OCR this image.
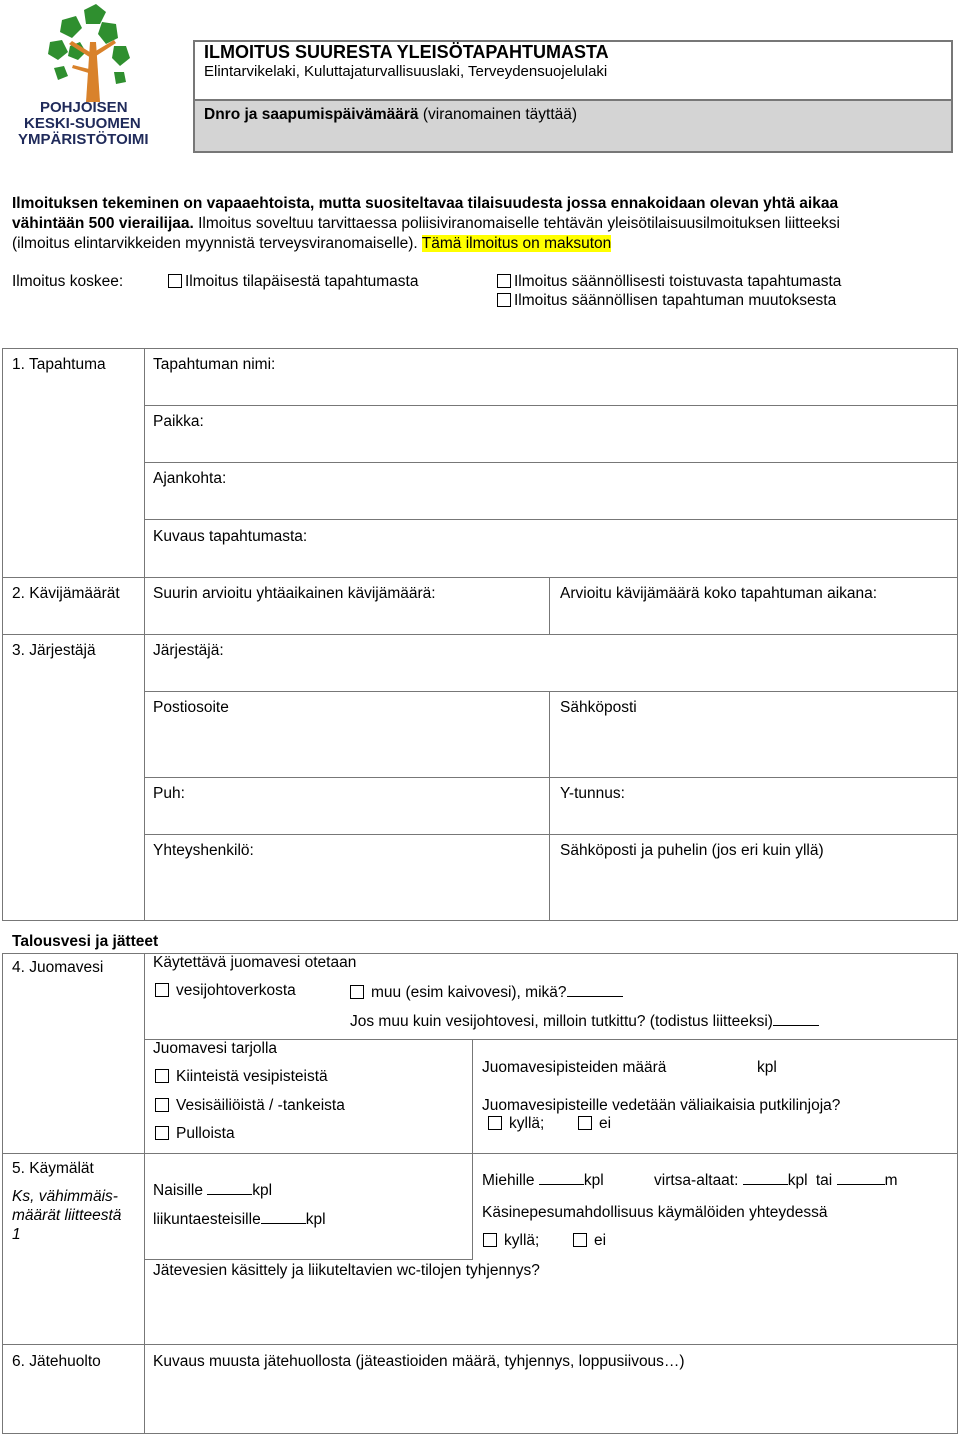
POHJOISEN
KESKI-SUOMEN
YMPÄRISTÖTOIMI
ILMOITUS SUURESTA YLEISÖTAPAHTUMASTA
Elintarvikelaki, Kuluttajaturvallisuuslaki, Terveydensuojelulaki
Dnro ja saapumispäivämäärä (viranomainen täyttää)
Ilmoituksen tekeminen on vapaaehtoista, mutta suositeltavaa tilaisuudesta jossa ennakoidaan olevan yhtä aikaa
vähintään 500 vierailijaa. Ilmoitus soveltuu tarvittaessa poliisiviranomaiselle tehtävän yleisötilaisuusilmoituksen liitteeksi
(ilmoitus elintarvikkeiden myynnistä terveysviranomaiselle). Tämä ilmoitus on maksuton
Ilmoitus koskee:	Ilmoitus tilapäisestä tapahtumasta	Ilmoitus säännöllisesti toistuvasta tapahtumasta
Ilmoitus säännöllisen tapahtuman muutoksesta
1. Tapahtuma	Tapahtuman nimi:
Paikka:
Ajankohta:
Kuvaus tapahtumasta:
2. Kävijämäärät Suurin arvioitu yhtäaikainen kävijämäärä:	Arvioitu kävijämäärä koko tapahtuman aikana:
3. Järjestäjä	Järjestäjä:
Postiosoite	Sähköposti
Puh:	Y-tunnus:
Yhteyshenkilö:	Sähköposti ja puhelin (jos eri kuin yllä)
Talousvesi ja jätteet
4. Juomavesi	Käytettävä juomavesi otetaan
vesijohtoverkosta	muu (esim kaivovesi), mikä?
Jos muu kuin vesijohtovesi, milloin tutkittu? (todistus liitteeksi)
Juomavesi tarjolla
Kiinteistä vesipisteistä
Vesisäiliöistä / -tankeista
Pulloista
Juomavesipisteiden määrä	kpl
Juomavesipisteille vedetään väliaikaisia putkilinjoja?
kyllä;	ei
5. Käymälät
Ks, vähimmäis-
määrät liitteestä
1
Naisille	kpl
liikuntaesteisille	kpl
Miehille	kpl	virtsa-altaat:	kpl tai	m
Käsinepesumahdollisuus käymälöiden yhteydessä
kyllä;	ei
Jätevesien käsittely ja liikuteltavien wc-tilojen tyhjennys?
6. Jätehuolto	Kuvaus muusta jätehuollosta (jäteastioiden määrä, tyhjennys, loppusiivous…)
